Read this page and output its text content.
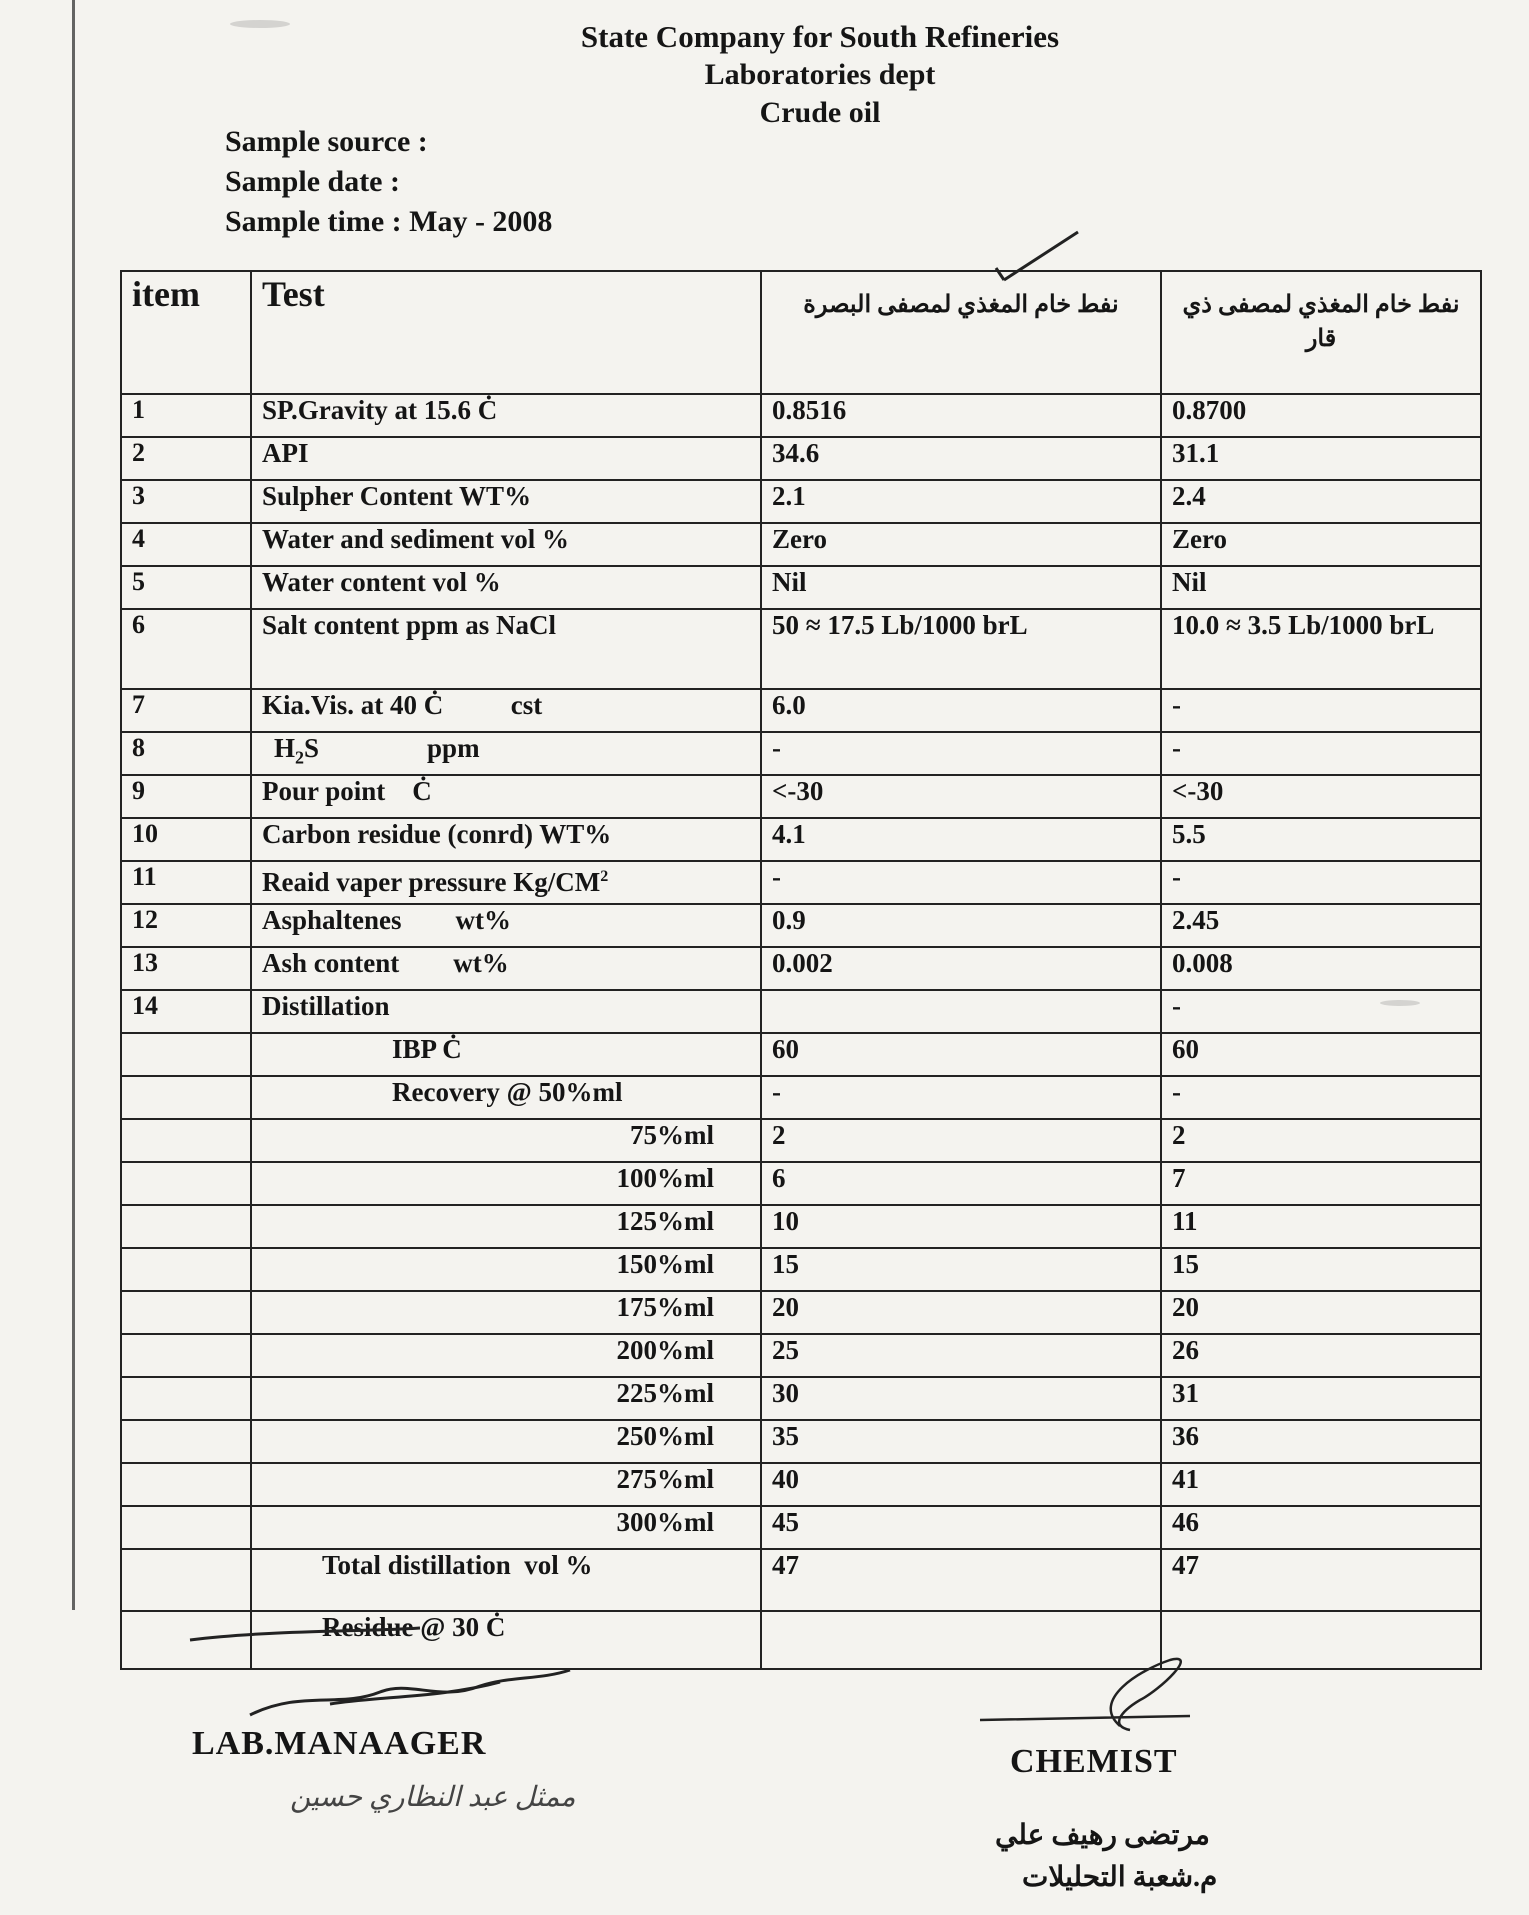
State Company for South Refineries
Laboratories dept
Crude oil
Sample source :
Sample date :
Sample time : May - 2008
item	Test	نفط خام المغذي لمصفى البصرة	نفط خام المغذي لمصفى ذي قار
1	SP.Gravity at 15.6 Ċ	0.8516	0.8700
2	API	34.6	31.1
3	Sulpher Content WT%	2.1	2.4
4	Water and sediment vol %	Zero	Zero
5	Water content vol %	Nil	Nil
6	Salt content ppm as NaCl	50 ≈ 17.5 Lb/1000 brL	10.0 ≈ 3.5 Lb/1000 brL
7	Kia.Vis. at 40 Ċ          cst	6.0	-
8	$H_2S$                ppm	-	-
9	Pour point    Ċ	<-30	<-30
10	Carbon residue (conrd) WT%	4.1	5.5
11	Reaid vaper pressure $Kg/CM^2$	-	-
12	Asphaltenes        wt%	0.9	2.45
13	Ash content        wt%	0.002	0.008
14	Distillation		-
	IBP Ċ	60	60
	Recovery @ 50%ml	-	-
	75%ml	2	2
	100%ml	6	7
	125%ml	10	11
	150%ml	15	15
	175%ml	20	20
	200%ml	25	26
	225%ml	30	31
	250%ml	35	36
	275%ml	40	41
	300%ml	45	46
	Total distillation  vol %	47	47
	Residue @ 30 Ċ		
LAB.MANAAGER
ممثل عبد النظاري حسين
CHEMIST
مرتضى رهيف علي
م.شعبة التحليلات
